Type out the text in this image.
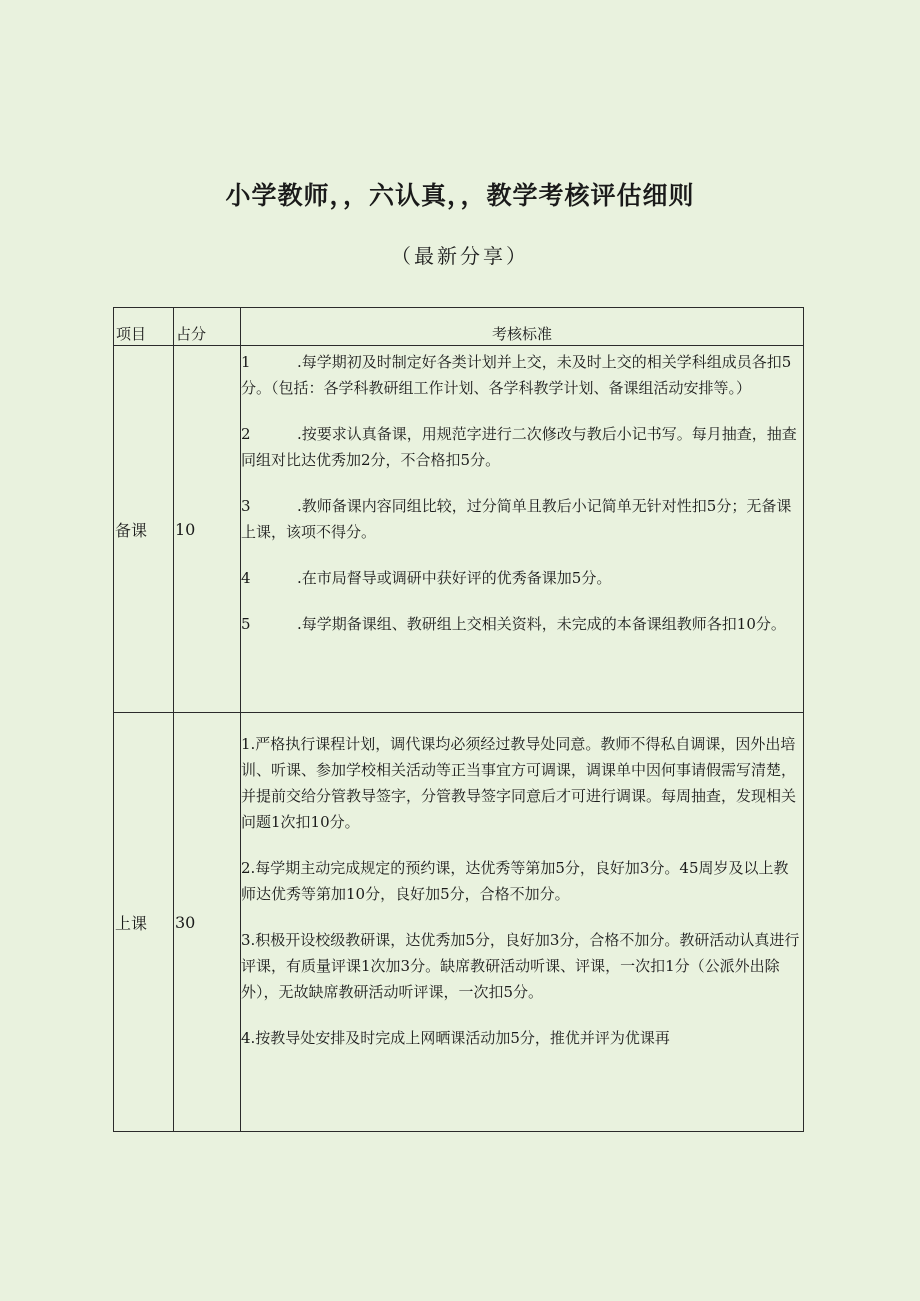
小学教师，，六认真，，教学考核评估细则
（最新分享）
项目	占分	考核标准
备课	10	1 .每学期初及时制定好各类计划并上交，未及时上交的相关学科组成员各扣5分。（包括：各学科教研组工作计划、各学科教学计划、备课组活动安排等。）
2 .按要求认真备课，用规范字进行二次修改与教后小记书写。每月抽查，抽查同组对比达优秀加2分，不合格扣5分。
3 .教师备课内容同组比较，过分简单且教后小记简单无针对性扣5分；无备课上课，该项不得分。
4 .在市局督导或调研中获好评的优秀备课加5分。
5 .每学期备课组、教研组上交相关资料，未完成的本备课组教师各扣10分。

上课	30	1.严格执行课程计划，调代课均必须经过教导处同意。教师不得私自调课，因外出培训、听课、参加学校相关活动等正当事宜方可调课，调课单中因何事请假需写清楚，并提前交给分管教导签字，分管教导签字同意后才可进行调课。每周抽查，发现相关问题1次扣10分。
2.每学期主动完成规定的预约课，达优秀等第加5分，良好加3分。45周岁及以上教师达优秀等第加10分，良好加5分，合格不加分。
3.积极开设校级教研课，达优秀加5分，良好加3分，合格不加分。教研活动认真进行评课，有质量评课1次加3分。缺席教研活动听课、评课，一次扣1分（公派外出除外），无故缺席教研活动听评课，一次扣5分。
4.按教导处安排及时完成上网晒课活动加5分，推优并评为优课再
